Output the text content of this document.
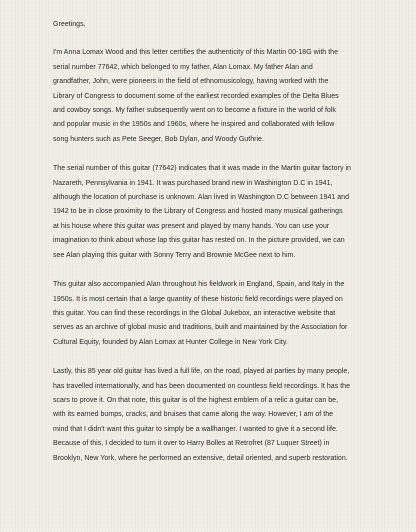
Greetings,

I'm Anna Lomax Wood and this letter certifies the authenticity of this Martin 00-18G with the
serial number 77642, which belonged to my father, Alan Lomax. My father Alan and
grandfather, John, were pioneers in the field of ethnomusicology, having worked with the
Library of Congress to document some of the earliest recorded examples of the Delta Blues
and cowboy songs. My father subsequently went on to become a fixture in the world of folk
and popular music in the 1950s and 1960s, where he inspired and collaborated with fellow
song hunters such as Pete Seeger, Bob Dylan, and Woody Guthrie.

The serial number of this guitar (77642) indicates that it was made in the Martin guitar factory in
Nazareth, Pennsylvania in 1941. It was purchased brand new in Washington D.C in 1941,
although the location of purchase is unknown. Alan lived in Washington D.C between 1941 and
1942 to be in close proximity to the Library of Congress and hosted many musical gatherings
at his house where this guitar was present and played by many hands. You can use your
imagination to think about whose lap this guitar has rested on. In the picture provided, we can
see Alan playing this guitar with Sonny Terry and Brownie McGee next to him.

This guitar also accompanied Alan throughout his fieldwork in England, Spain, and Italy in the
1950s. It is most certain that a large quantity of these historic field recordings were played on
this guitar. You can find these recordings in the Global Jukebox, an interactive website that
serves as an archive of global music and traditions, built and maintained by the Association for
Cultural Equity, founded by Alan Lomax at Hunter College in New York City.

Lastly, this 85 year old guitar has lived a full life, on the road, played at parties by many people,
has travelled internationally, and has been documented on countless field recordings. It has the
scars to prove it. On that note, this guitar is of the highest emblem of a relic a guitar can be,
with its earned bumps, cracks, and bruises that came along the way. However, I am of the
mind that I didn't want this guitar to simply be a wallhanger. I wanted to give it a second life.
Because of this, I decided to turn it over to Harry Bolles at Retrofret (87 Luquer Street) in
Brooklyn, New York, where he performed an extensive, detail oriented, and superb restoration.
